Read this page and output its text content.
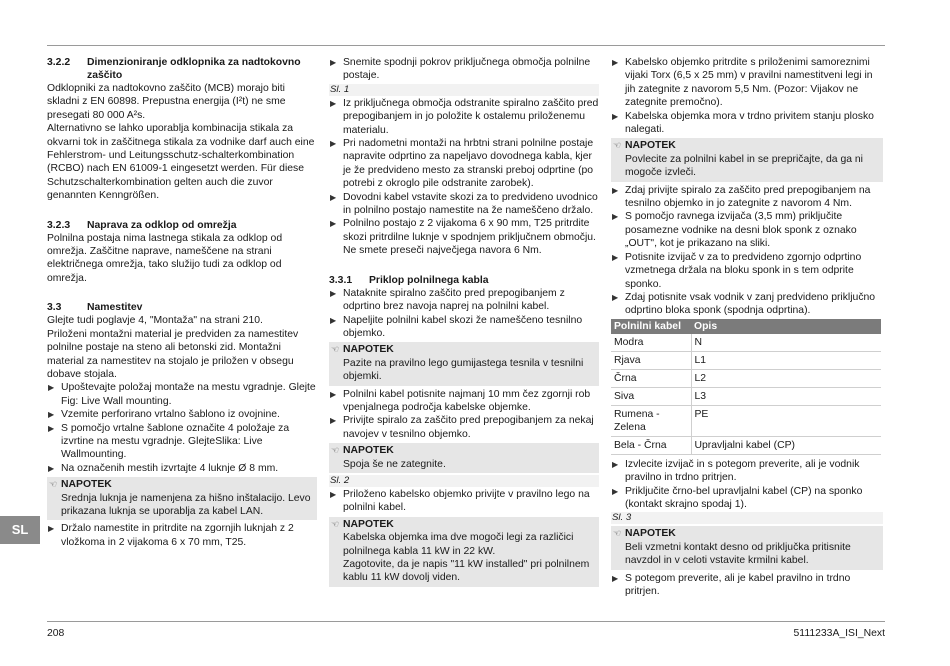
3.2.2	Dimenzioniranje odklopnika za nadtokovno zaščito

Odklopniki za nadtokovno zaščito (MCB) morajo biti skladni z EN 60898. Prepustna energija (I²t) ne sme presegati 80 000 A²s.

Alternativno se lahko uporablja kombinacija stikala za okvarni tok in zaščitnega stikala za vodnike darf auch eine Fehlerstrom- und Leitungsschutz-schalterkombination (RCBO) nach EN 61009-1 eingesetzt werden. Für diese Schutzschalterkombination gelten auch die zuvor genannten Kenngrößen.

3.2.3	Naprava za odklop od omrežja

Polnilna postaja nima lastnega stikala za odklop od omrežja. Zaščitne naprave, nameščene na strani električnega omrežja, tako služijo tudi za odklop od omrežja.

3.3	Namestitev

Glejte tudi poglavje 4, "Montaža" na strani 210.

Priloženi montažni material je predviden za namestitev polnilne postaje na steno ali betonski zid. Montažni material za namestitev na stojalo je priložen v obsegu dobave stojala.

▶ Upoštevajte položaj montaže na mestu vgradnje. Glejte Fig: Live Wall mounting.
▶ Vzemite perforirano vrtalno šablono iz ovojnine.
▶ S pomočjo vrtalne šablone označite 4 položaje za izvrtine na mestu vgradnje. GlejteSlika: Live Wallmounting.
▶ Na označenih mestih izvrtajte 4 luknje Ø 8 mm.
☜ NAPOTEK
Srednja luknja je namenjena za hišno inštalacijo. Levo prikazana luknja se uporablja za kabel LAN.
▶ Držalo namestite in pritrdite na zgornjih luknjah z 2 vložkoma in 2 vijakoma 6 x 70 mm, T25.
▶ Snemite spodnji pokrov priključnega območja polnilne postaje.
Sl. 1
▶ Iz priključnega območja odstranite spiralno zaščito pred prepogibanjem in jo položite k ostalemu priloženemu materialu.
▶ Pri nadometni montaži na hrbtni strani polnilne postaje napravite odprtino za napeljavo dovodnega kabla, kjer je že predvideno mesto za stranski preboj odprtine (po potrebi z okroglo pile odstranite zarobek).
▶ Dovodni kabel vstavite skozi za to predvideno uvodnico in polnilno postajo namestite na že nameščeno držalo.
▶ Polnilno postajo z 2 vijakoma 6 x 90 mm, T25 pritrdite skozi pritrdilne luknje v spodnjem priključnem območju. Ne smete preseči največjega navora 6 Nm.
3.3.1	Priklop polnilnega kabla
▶ Nataknite spiralno zaščito pred prepogibanjem z odprtino brez navoja naprej na polnilni kabel.
▶ Napeljite polnilni kabel skozi že nameščeno tesnilno objemko.
☜ NAPOTEK
Pazite na pravilno lego gumijastega tesnila v tesnilni objemki.
▶ Polnilni kabel potisnite najmanj 10 mm čez zgornji rob vpenjalnega področja kabelske objemke.
▶ Privijte spiralo za zaščito pred prepogibanjem za nekaj navojev v tesnilno objemko.
☜ NAPOTEK
Spoja še ne zategnite.
Sl. 2
▶ Priloženo kabelsko objemko privijte v pravilno lego na polnilni kabel.
☜ NAPOTEK
Kabelska objemka ima dve mogoči legi za različici polnilnega kabla 11 kW in 22 kW.
Zagotovite, da je napis "11 kW installed" pri polnilnem kablu 11 kW dovolj viden.
▶ Kabelsko objemko pritrdite s priloženimi samoreznimi vijaki Torx (6,5 x 25 mm) v pravilni namestitveni legi in jih zategnite z navorom 5,5 Nm. (Pozor: Vijakov ne zategnite premočno).
▶ Kabelska objemka mora v trdno privitem stanju plosko nalegati.
☜ NAPOTEK
Povlecite za polnilni kabel in se prepričajte, da ga ni mogoče izvleči.
▶ Zdaj privijte spiralo za zaščito pred prepogibanjem na tesnilno objemko in jo zategnite z navorom 4 Nm.
▶ S pomočjo ravnega izvijača (3,5 mm) priključite posamezne vodnike na desni blok sponk z oznako „OUT", kot je prikazano na sliki.
▶ Potisnite izvijač v za to predvideno zgornjo odprtino vzmetnega držala na bloku sponk in s tem odprite sponko.
▶ Zdaj potisnite vsak vodnik v zanj predvideno priključno odprtino bloka sponk (spodnja odprtina).
Polnilni kabel	Opis
Modra	N
Rjava	L1
Črna	L2
Siva	L3
Rumena - Zelena	PE
Bela - Črna	Upravljalni kabel (CP)
▶ Izvlecite izvijač in s potegom preverite, ali je vodnik pravilno in trdno pritrjen.
▶ Priključite črno-bel upravljalni kabel (CP) na sponko (kontakt skrajno spodaj 1).
Sl. 3
☜ NAPOTEK
Beli vzmetni kontakt desno od priključka pritisnite navzdol in v celoti vstavite krmilni kabel.
▶ S potegom preverite, ali je kabel pravilno in trdno pritrjen.
SL
208	5111233A_ISI_Next
